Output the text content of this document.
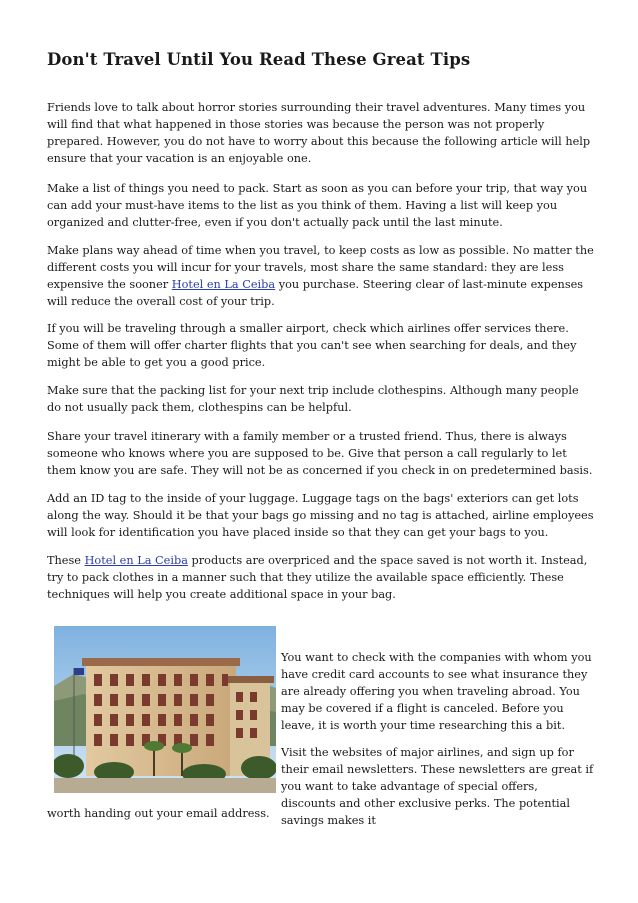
Don't Travel Until You Read These Great Tips

Friends love to talk about horror stories surrounding their travel adventures. Many times you will find that what happened in those stories was because the person was not properly prepared. However, you do not have to worry about this because the following article will help ensure that your vacation is an enjoyable one.

Make a list of things you need to pack. Start as soon as you can before your trip, that way you can add your must-have items to the list as you think of them. Having a list will keep you organized and clutter-free, even if you don't actually pack until the last minute.

Make plans way ahead of time when you travel, to keep costs as low as possible. No matter the different costs you will incur for your travels, most share the same standard: they are less expensive the sooner Hotel en La Ceiba you purchase. Steering clear of last-minute expenses will reduce the overall cost of your trip.

If you will be traveling through a smaller airport, check which airlines offer services there. Some of them will offer charter flights that you can't see when searching for deals, and they might be able to get you a good price.

Make sure that the packing list for your next trip include clothespins. Although many people do not usually pack them, clothespins can be helpful.

Share your travel itinerary with a family member or a trusted friend. Thus, there is always someone who knows where you are supposed to be. Give that person a call regularly to let them know you are safe. They will not be as concerned if you check in on predetermined basis.

Add an ID tag to the inside of your luggage. Luggage tags on the bags' exteriors can get lots along the way. Should it be that your bags go missing and no tag is attached, airline employees will look for identification you have placed inside so that they can get your bags to you.

These Hotel en La Ceiba products are overpriced and the space saved is not worth it. Instead, try to pack clothes in a manner such that they utilize the available space efficiently. These techniques will help you create additional space in your bag.

You want to check with the companies with whom you have credit card accounts to see what insurance they are already offering you when traveling abroad. You may be covered if a flight is canceled. Before you leave, it is worth your time researching this a bit.

Visit the websites of major airlines, and sign up for their email newsletters. These newsletters are great if you want to take advantage of special offers, discounts and other exclusive perks. The potential savings makes it

worth handing out your email address.
